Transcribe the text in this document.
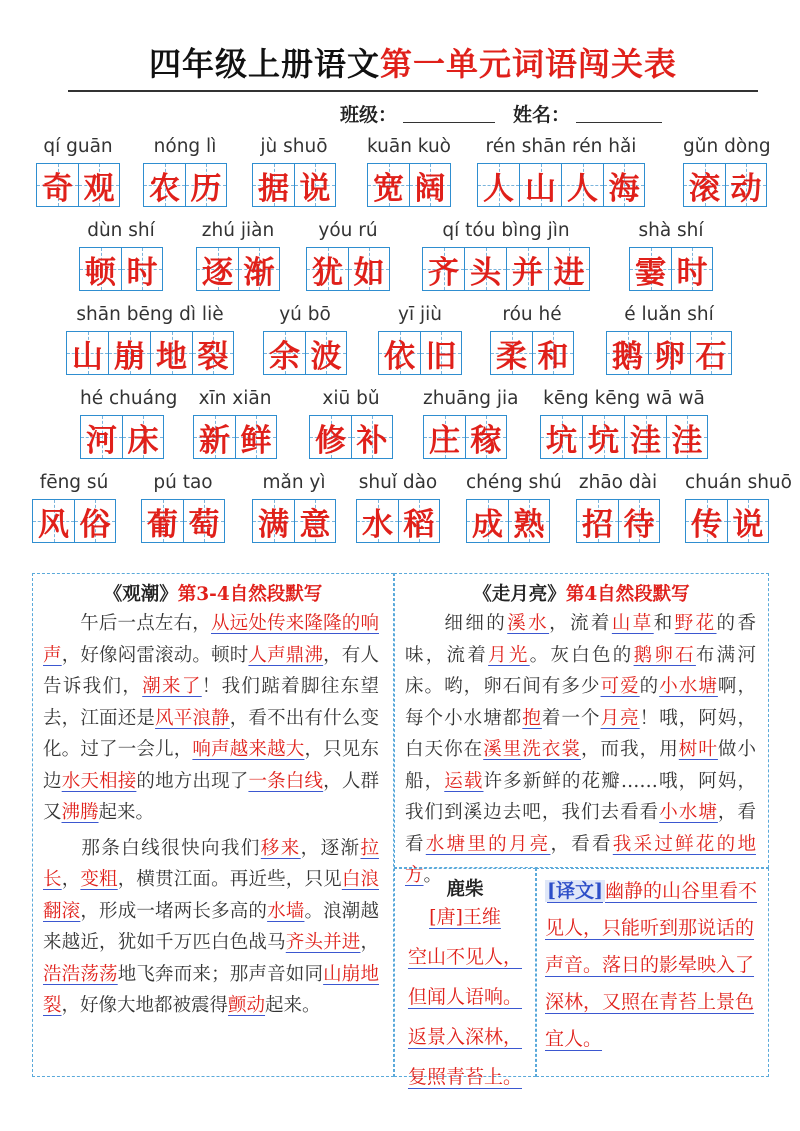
四年级上册语文第一单元词语闯关表
班级：	姓名：
qí guān
奇 观
nóng lì
农 历
jù shuō
据 说
kuān kuò
宽 阔
rén shān rén hǎi
人 山 人 海
gǔn dòng
滚 动
dùn shí
顿 时
zhú jiàn
逐 渐
yóu rú
犹 如
qí tóu bìng jìn
齐 头 并 进
shà shí
霎 时
shān bēng dì liè
山 崩 地 裂
yú bō
余 波
yī jiù
依 旧
róu hé
柔 和
é luǎn shí
鹅 卵 石
hé chuáng
河 床
xīn xiān
新 鲜
xiū bǔ
修 补
zhuāng jia
庄 稼
kēng kēng wā wā
坑 坑 洼 洼
fēng sú
风 俗
pú tao
葡 萄
mǎn yì
满 意
shuǐ dào
水 稻
chéng shú
成 熟
zhāo dài
招 待
chuán shuō
传 说
《观潮》第3-4自然段默写
午后一点左右，从远处传来隆隆的响声，好像闷雷滚动。顿时人声鼎沸，有人告诉我们，潮来了！我们踮着脚往东望去，江面还是风平浪静，看不出有什么变化。过了一会儿，响声越来越大，只见东边水天相接的地方出现了一条白线，人群又沸腾起来。
那条白线很快向我们移来，逐渐拉长，变粗，横贯江面。再近些，只见白浪翻滚，形成一堵两长多高的水墙。浪潮越来越近，犹如千万匹白色战马齐头并进，浩浩荡荡地飞奔而来；那声音如同山崩地裂，好像大地都被震得颤动起来。
《走月亮》第4自然段默写
细细的溪水，流着山草和野花的香味，流着月光。灰白色的鹅卵石布满河床。哟，卵石间有多少可爱的小水塘啊，每个小水塘都抱着一个月亮！哦，阿妈，白天你在溪里洗衣裳，而我，用树叶做小船，运载许多新鲜的花瓣……哦，阿妈，我们到溪边去吧，我们去看看小水塘，看看水塘里的月亮，看看我采过鲜花的地方。
鹿柴
[唐]王维
空山不见人，
但闻人语响。
返景入深林，
复照青苔上。
[译文] 幽静的山谷里看不见人，只能听到那说话的声音。落日的影晕映入了深林，又照在青苔上景色宜人。
